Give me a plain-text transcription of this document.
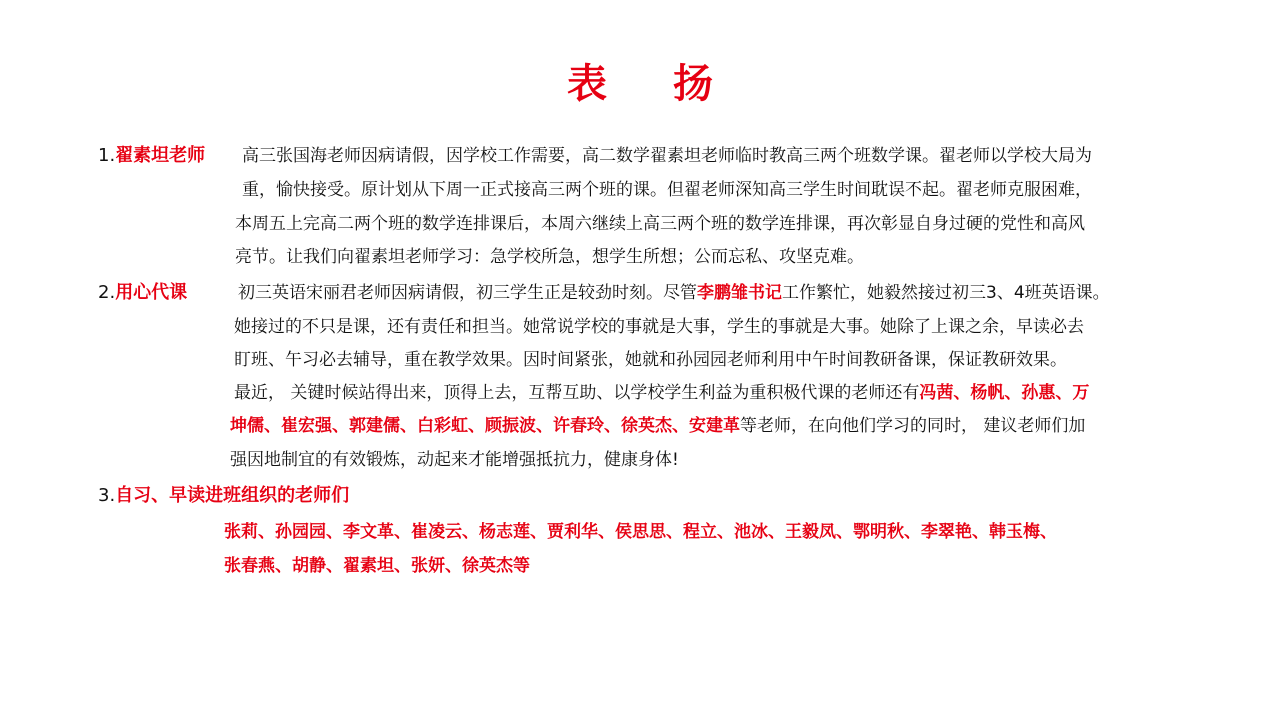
表 扬
1.翟素坦老师 高三张国海老师因病请假，因学校工作需要，高二数学翟素坦老师临时教高三两个班数学课。翟老师以学校大局为
重，愉快接受。原计划从下周一正式接高三两个班的课。但翟老师深知高三学生时间耽误不起。翟老师克服困难，
本周五上完高二两个班的数学连排课后，本周六继续上高三两个班的数学连排课，再次彰显自身过硬的党性和高风
亮节。让我们向翟素坦老师学习：急学校所急，想学生所想；公而忘私、攻坚克难。
2.用心代课	初三英语宋丽君老师因病请假，初三学生正是较劲时刻。尽管李鹏雏书记工作繁忙，她毅然接过初三3、4班英语课。
她接过的不只是课，还有责任和担当。她常说学校的事就是大事，学生的事就是大事。她除了上课之余，早读必去
盯班、午习必去辅导，重在教学效果。因时间紧张，她就和孙园园老师利用中午时间教研备课，保证教研效果。
最近， 关键时候站得出来，顶得上去，互帮互助、以学校学生利益为重积极代课的老师还有冯茜、杨帆、孙惠、万
坤儒、崔宏强、郭建儒、白彩虹、顾振波、许春玲、徐英杰、安建革等老师，在向他们学习的同时， 建议老师们加
强因地制宜的有效锻炼，动起来才能增强抵抗力，健康身体!
3.自习、早读进班组织的老师们
张莉、孙园园、李文革、崔凌云、杨志莲、贾利华、侯思思、程立、池冰、王毅凤、鄂明秋、李翠艳、韩玉梅、
张春燕、胡静、翟素坦、张妍、徐英杰等
